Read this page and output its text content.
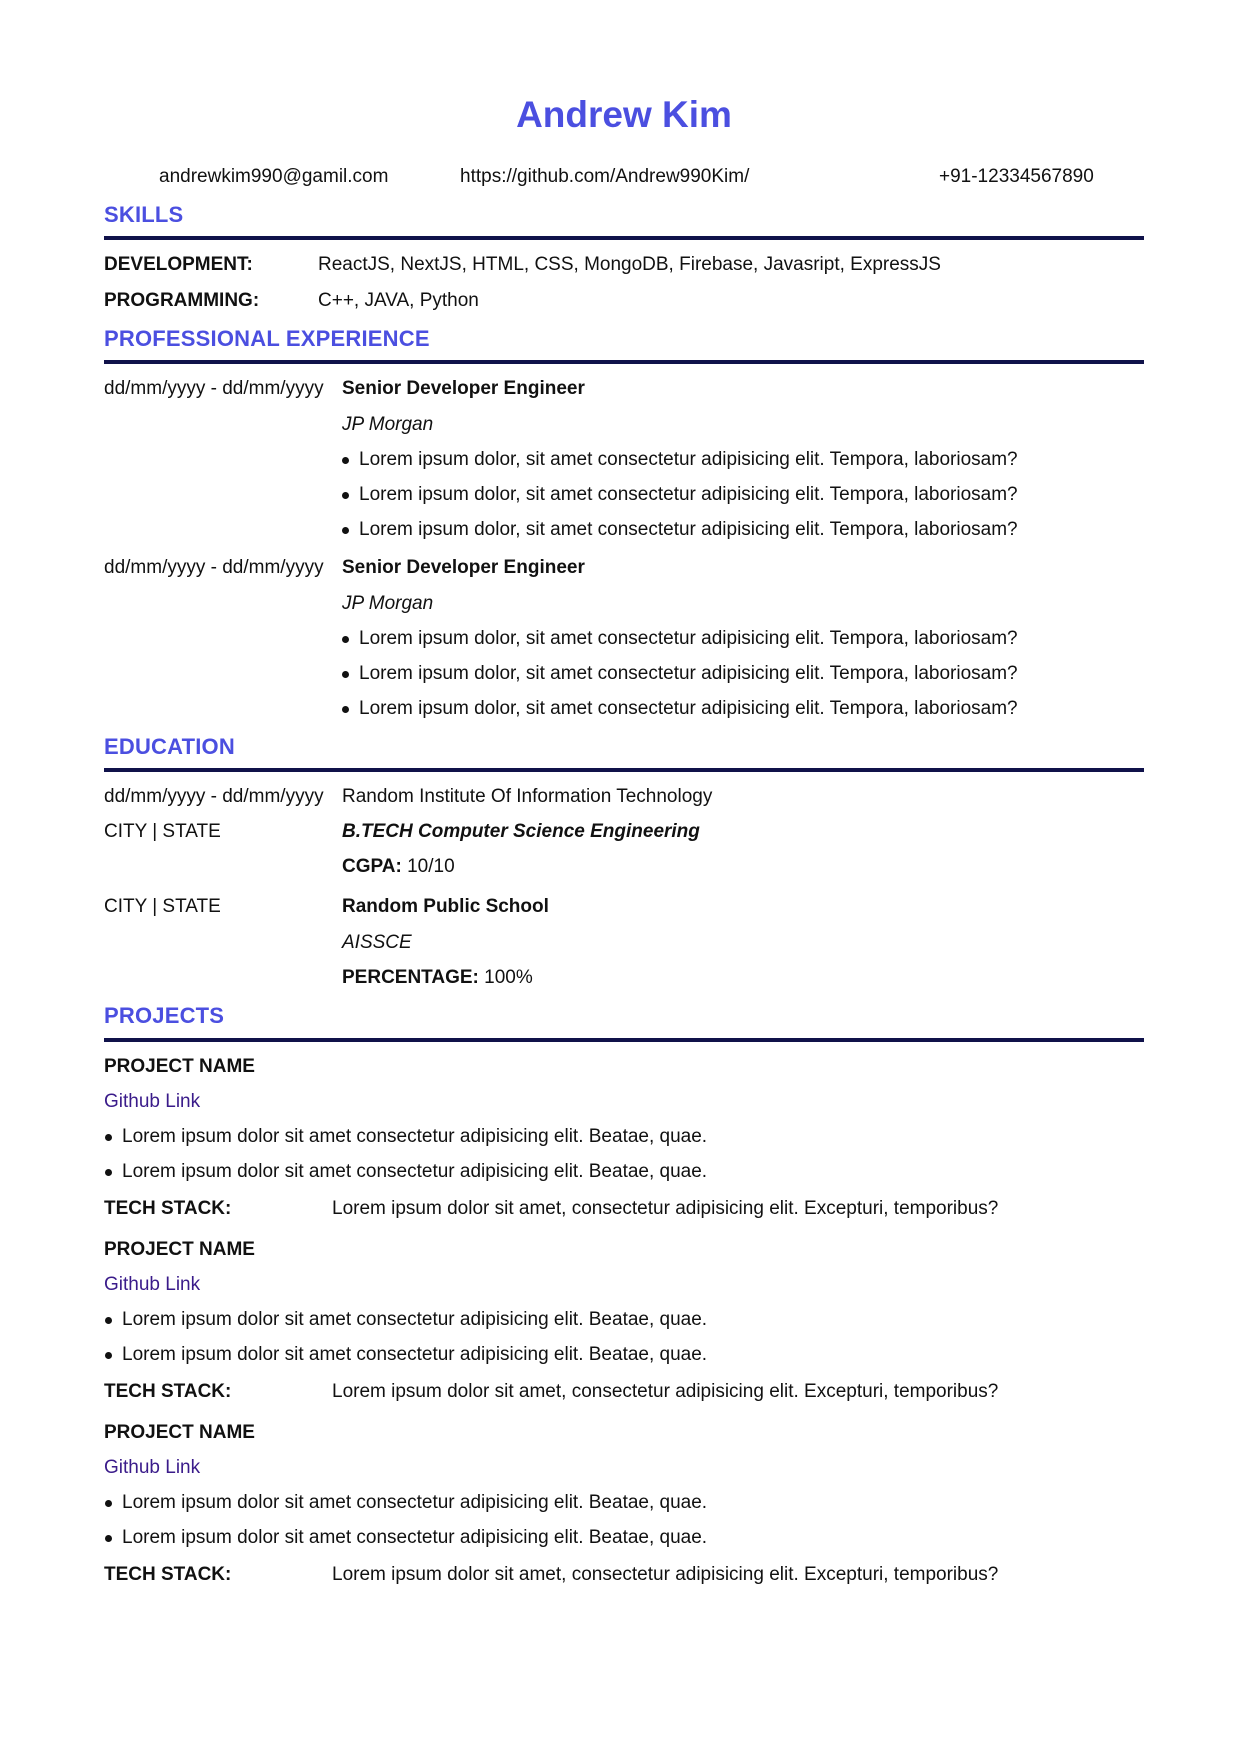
Andrew Kim
andrewkim990@gamil.com	https://github.com/Andrew990Kim/	+91-12334567890
SKILLS
DEVELOPMENT:	ReactJS, NextJS, HTML, CSS, MongoDB, Firebase, Javasript, ExpressJS
PROGRAMMING:	C++, JAVA, Python
PROFESSIONAL EXPERIENCE
dd/mm/yyyy - dd/mm/yyyy Senior Developer Engineer
JP Morgan
Lorem ipsum dolor, sit amet consectetur adipisicing elit. Tempora, laboriosam?
Lorem ipsum dolor, sit amet consectetur adipisicing elit. Tempora, laboriosam?
Lorem ipsum dolor, sit amet consectetur adipisicing elit. Tempora, laboriosam?
dd/mm/yyyy - dd/mm/yyyy Senior Developer Engineer
JP Morgan
Lorem ipsum dolor, sit amet consectetur adipisicing elit. Tempora, laboriosam?
Lorem ipsum dolor, sit amet consectetur adipisicing elit. Tempora, laboriosam?
Lorem ipsum dolor, sit amet consectetur adipisicing elit. Tempora, laboriosam?
EDUCATION
dd/mm/yyyy - dd/mm/yyyy Random Institute Of Information Technology
CITY | STATE	B.TECH Computer Science Engineering
CGPA: 10/10
CITY | STATE	Random Public School
AISSCE
PERCENTAGE: 100%
PROJECTS
PROJECT NAME
Github Link
Lorem ipsum dolor sit amet consectetur adipisicing elit. Beatae, quae.
Lorem ipsum dolor sit amet consectetur adipisicing elit. Beatae, quae.
TECH STACK:	Lorem ipsum dolor sit amet, consectetur adipisicing elit. Excepturi, temporibus?
PROJECT NAME
Github Link
Lorem ipsum dolor sit amet consectetur adipisicing elit. Beatae, quae.
Lorem ipsum dolor sit amet consectetur adipisicing elit. Beatae, quae.
TECH STACK:	Lorem ipsum dolor sit amet, consectetur adipisicing elit. Excepturi, temporibus?
PROJECT NAME
Github Link
Lorem ipsum dolor sit amet consectetur adipisicing elit. Beatae, quae.
Lorem ipsum dolor sit amet consectetur adipisicing elit. Beatae, quae.
TECH STACK:	Lorem ipsum dolor sit amet, consectetur adipisicing elit. Excepturi, temporibus?
